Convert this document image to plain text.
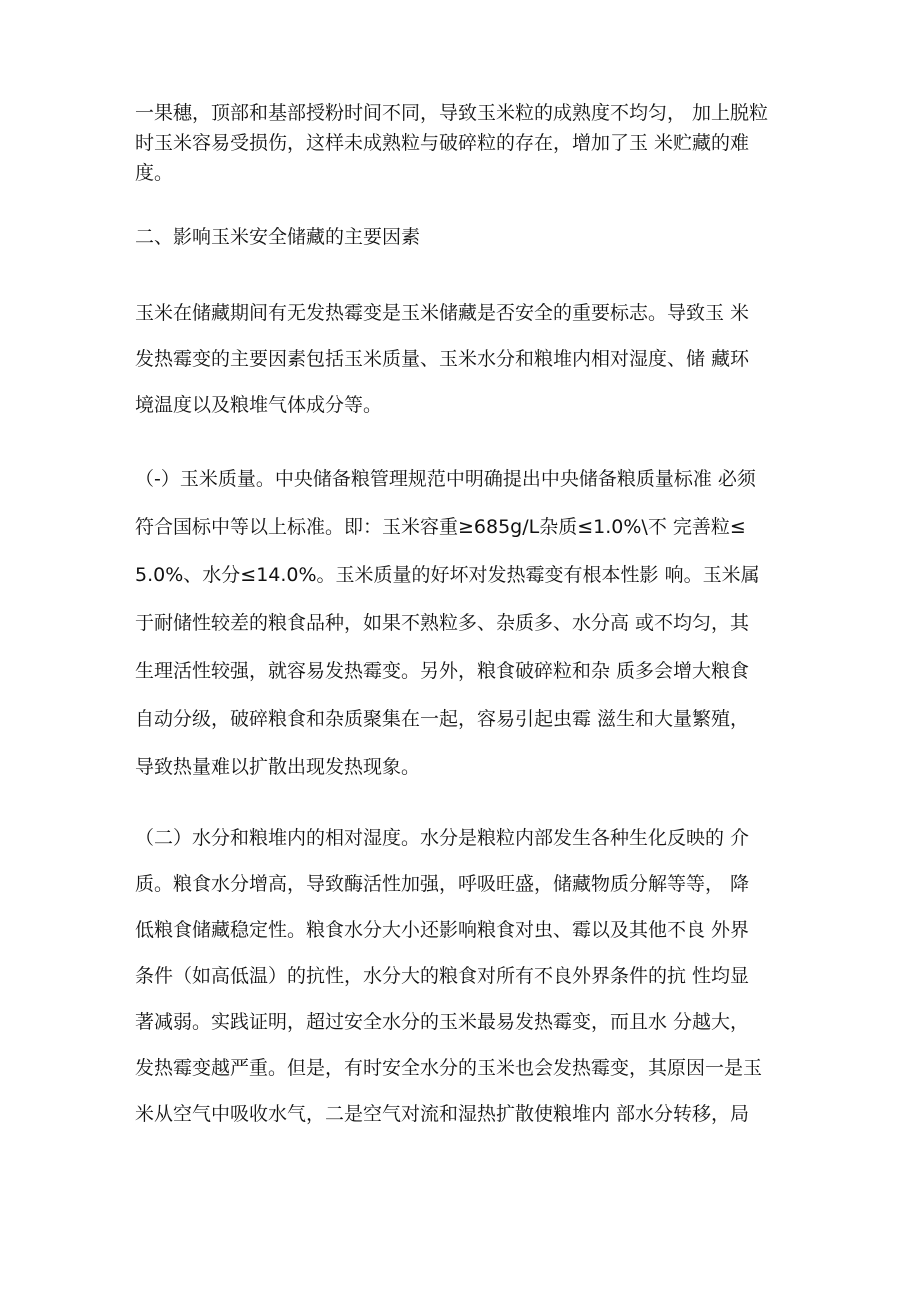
一果穗，顶部和基部授粉时间不同，导致玉米粒的成熟度不均匀， 加上脱粒
时玉米容易受损伤，这样未成熟粒与破碎粒的存在，增加了玉 米贮藏的难
度。
二、影响玉米安全储藏的主要因素
玉米在储藏期间有无发热霉变是玉米储藏是否安全的重要标志。导致玉 米
发热霉变的主要因素包括玉米质量、玉米水分和粮堆内相对湿度、储 藏环
境温度以及粮堆气体成分等。
（-）玉米质量。中央储备粮管理规范中明确提出中央储备粮质量标准 必须
符合国标中等以上标准。即：玉米容重≥685g/L杂质≤1.0%\不 完善粒≤
5.0%、水分≤14.0%。玉米质量的好坏对发热霉变有根本性影 响。玉米属
于耐储性较差的粮食品种，如果不熟粒多、杂质多、水分高 或不均匀，其
生理活性较强，就容易发热霉变。另外，粮食破碎粒和杂 质多会增大粮食
自动分级，破碎粮食和杂质聚集在一起，容易引起虫霉 滋生和大量繁殖，
导致热量难以扩散出现发热现象。
（二）水分和粮堆内的相对湿度。水分是粮粒内部发生各种生化反映的 介
质。粮食水分增高，导致酶活性加强，呼吸旺盛，储藏物质分解等等， 降
低粮食储藏稳定性。粮食水分大小还影响粮食对虫、霉以及其他不良 外界
条件（如高低温）的抗性，水分大的粮食对所有不良外界条件的抗 性均显
著减弱。实践证明，超过安全水分的玉米最易发热霉变，而且水 分越大，
发热霉变越严重。但是，有时安全水分的玉米也会发热霉变，其原因一是玉
米从空气中吸收水气，二是空气对流和湿热扩散使粮堆内 部水分转移，局
